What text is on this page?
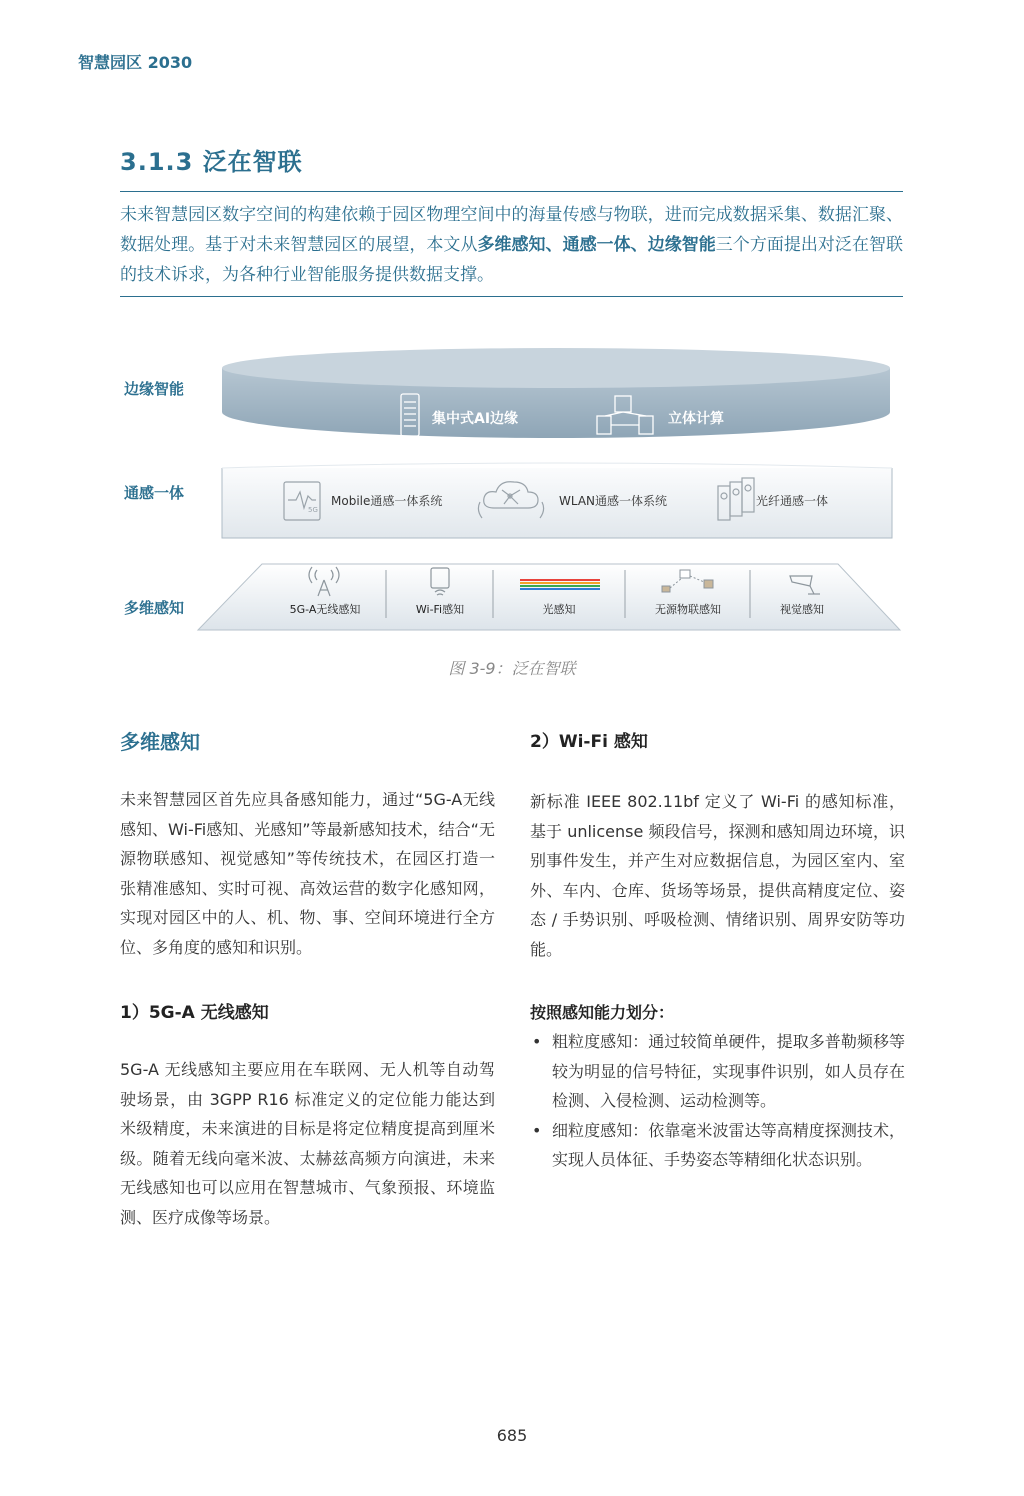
智慧园区 2030
3.1.3 泛在智联
未来智慧园区数字空间的构建依赖于园区物理空间中的海量传感与物联，进而完成数据采集、数据汇聚、数据处理。基于对未来智慧园区的展望，本文从多维感知、通感一体、边缘智能三个方面提出对泛在智联的技术诉求，为各种行业智能服务提供数据支撑。
5G
边缘智能
通感一体
多维感知
集中式AI边缘	立体计算
Mobile通感一体系统	WLAN通感一体系统	光纤通感一体
5G-A无线感知	Wi-Fi感知	光感知	无源物联感知	视觉感知
图 3-9：泛在智联
多维感知
未来智慧园区首先应具备感知能力，通过“5G-A无线感知、Wi-Fi感知、光感知”等最新感知技术，结合“无源物联感知、视觉感知”等传统技术，在园区打造一张精准感知、实时可视、高效运营的数字化感知网，实现对园区中的人、机、物、事、空间环境进行全方位、多角度的感知和识别。
1）5G-A 无线感知
5G-A 无线感知主要应用在车联网、无人机等自动驾驶场景，由 3GPP R16 标准定义的定位能力能达到米级精度，未来演进的目标是将定位精度提高到厘米级。随着无线向毫米波、太赫兹高频方向演进，未来无线感知也可以应用在智慧城市、气象预报、环境监测、医疗成像等场景。
2）Wi-Fi 感知
新标准 IEEE 802.11bf 定义了 Wi-Fi 的感知标准，基于 unlicense 频段信号，探测和感知周边环境，识别事件发生，并产生对应数据信息，为园区室内、室外、车内、仓库、货场等场景，提供高精度定位、姿态 / 手势识别、呼吸检测、情绪识别、周界安防等功能。
按照感知能力划分：
• 粗粒度感知：通过较简单硬件，提取多普勒频移等较为明显的信号特征，实现事件识别，如人员存在检测、入侵检测、运动检测等。
• 细粒度感知：依靠毫米波雷达等高精度探测技术，实现人员体征、手势姿态等精细化状态识别。
685
